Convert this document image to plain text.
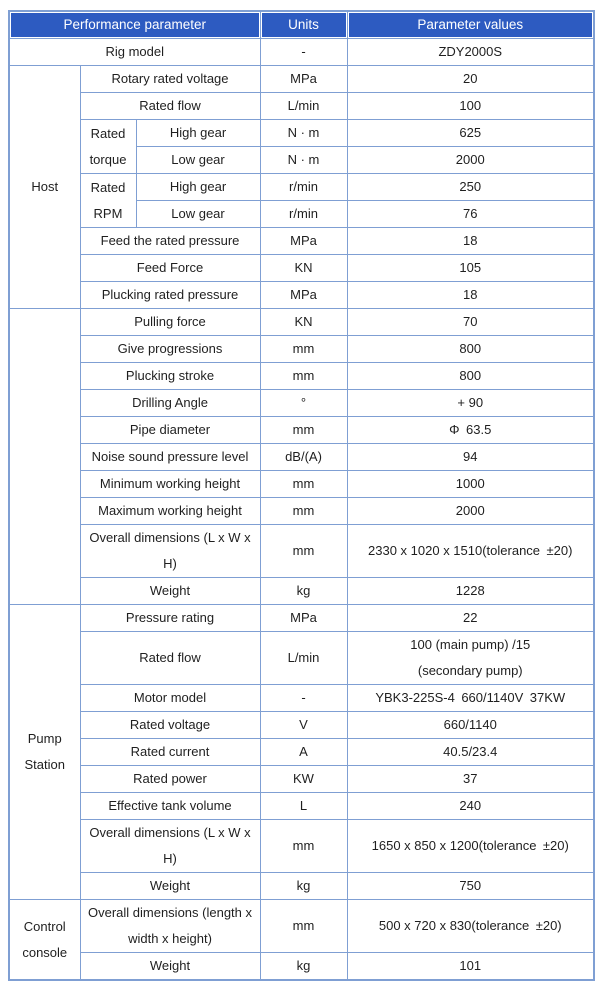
Performance parameter			Units	Parameter values
Rig model			-	ZDY2000S
Host	Rotary rated voltage		MPa	20
	Rated flow		L/min	100
	Rated torque	High gear	N · m	625
		Low gear	N · m	2000
	Rated RPM	High gear	r/min	250
		Low gear	r/min	76
	Feed the rated pressure		MPa	18
	Feed Force		KN	105
	Plucking rated pressure		MPa	18
	Pulling force		KN	70
	Give progressions		mm	800
	Plucking stroke		mm	800
	Drilling Angle		°	+ 90
	Pipe diameter		mm	Φ 63.5
	Noise sound pressure level		dB/(A)	94
	Minimum working height		mm	1000
	Maximum working height		mm	2000
	Overall dimensions (L x W x H)		mm	2330 x 1020 x 1510(tolerance ±20)
	Weight		kg	1228
Pump Station	Pressure rating		MPa	22
	Rated flow		L/min	100 (main pump) /15 (secondary pump)
	Motor model		-	YBK3-225S-4 660/1140V 37KW
	Rated voltage		V	660/1140
	Rated current		A	40.5/23.4
	Rated power		KW	37
	Effective tank volume		L	240
	Overall dimensions (L x W x H)		mm	1650 x 850 x 1200(tolerance ±20)
	Weight		kg	750
Control console	Overall dimensions (length x width x height)		mm	500 x 720 x 830(tolerance ±20)
	Weight		kg	101
